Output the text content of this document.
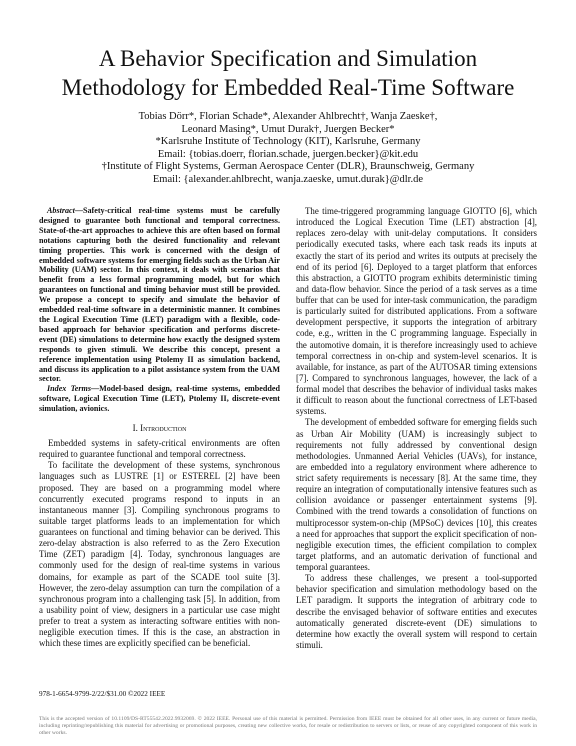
A Behavior Specification and Simulation
Methodology for Embedded Real-Time Software
Tobias Dörr*, Florian Schade*, Alexander Ahlbrecht†, Wanja Zaeske†,
Leonard Masing*, Umut Durak†, Juergen Becker*
*Karlsruhe Institute of Technology (KIT), Karlsruhe, Germany
Email: {tobias.doerr, florian.schade, juergen.becker}@kit.edu
†Institute of Flight Systems, German Aerospace Center (DLR), Braunschweig, Germany
Email: {alexander.ahlbrecht, wanja.zaeske, umut.durak}@dlr.de

Abstract—Safety-critical real-time systems must be carefully designed to guarantee both functional and temporal correctness. State-of-the-art approaches to achieve this are often based on formal notations capturing both the desired functionality and relevant timing properties. This work is concerned with the design of embedded software systems for emerging fields such as the Urban Air Mobility (UAM) sector. In this context, it deals with scenarios that benefit from a less formal programming model, but for which guarantees on functional and timing behavior must still be provided. We propose a concept to specify and simulate the behavior of embedded real-time software in a deterministic manner. It combines the Logical Execution Time (LET) paradigm with a flexible, code-based approach for behavior specification and performs discrete-event (DE) simulations to determine how exactly the designed system responds to given stimuli. We describe this concept, present a reference implementation using Ptolemy II as simulation backend, and discuss its application to a pilot assistance system from the UAM sector.

Index Terms—Model-based design, real-time systems, embedded software, Logical Execution Time (LET), Ptolemy II, discrete-event simulation, avionics.

I. Introduction

Embedded systems in safety-critical environments are often required to guarantee functional and temporal correctness.

To facilitate the development of these systems, synchronous languages such as LUSTRE [1] or ESTEREL [2] have been proposed. They are based on a programming model where concurrently executed programs respond to inputs in an instantaneous manner [3]. Compiling synchronous programs to suitable target platforms leads to an implementation for which guarantees on functional and timing behavior can be derived. This zero-delay abstraction is also referred to as the Zero Execution Time (ZET) paradigm [4]. Today, synchronous languages are commonly used for the design of real-time systems in various domains, for example as part of the SCADE tool suite [3]. However, the zero-delay assumption can turn the compilation of a synchronous program into a challenging task [5]. In addition, from a usability point of view, designers in a particular use case might prefer to treat a system as interacting software entities with non-negligible execution times. If this is the case, an abstraction in which these times are explicitly specified can be beneficial.

The time-triggered programming language GIOTTO [6], which introduced the Logical Execution Time (LET) abstraction [4], replaces zero-delay with unit-delay computations. It considers periodically executed tasks, where each task reads its inputs at exactly the start of its period and writes its outputs at precisely the end of its period [6]. Deployed to a target platform that enforces this abstraction, a GIOTTO program exhibits deterministic timing and data-flow behavior. Since the period of a task serves as a time buffer that can be used for inter-task communication, the paradigm is particularly suited for distributed applications. From a software development perspective, it supports the integration of arbitrary code, e.g., written in the C programming language. Especially in the automotive domain, it is therefore increasingly used to achieve temporal correctness in on-chip and system-level scenarios. It is available, for instance, as part of the AUTOSAR timing extensions [7]. Compared to synchronous languages, however, the lack of a formal model that describes the behavior of individual tasks makes it difficult to reason about the functional correctness of LET-based systems.

The development of embedded software for emerging fields such as Urban Air Mobility (UAM) is increasingly subject to requirements not fully addressed by conventional design methodologies. Unmanned Aerial Vehicles (UAVs), for instance, are embedded into a regulatory environment where adherence to strict safety requirements is necessary [8]. At the same time, they require an integration of computationally intensive features such as collision avoidance or passenger entertainment systems [9]. Combined with the trend towards a consolidation of functions on multiprocessor system-on-chip (MPSoC) devices [10], this creates a need for approaches that support the explicit specification of non-negligible execution times, the efficient compilation to complex target platforms, and an automatic derivation of functional and temporal guarantees.

To address these challenges, we present a tool-supported behavior specification and simulation methodology based on the LET paradigm. It supports the integration of arbitrary code to describe the envisaged behavior of software entities and executes automatically generated discrete-event (DE) simulations to determine how exactly the overall system will respond to certain stimuli.

978-1-6654-9799-2/22/$31.00 ©2022 IEEE
This is the accepted version of 10.1109/DS-RT55542.2022.9932069. © 2022 IEEE. Personal use of this material is permitted. Permission from IEEE must be obtained for all other uses, in any current or future media, including reprinting/republishing this material for advertising or promotional purposes, creating new collective works, for resale or redistribution to servers or lists, or reuse of any copyrighted component of this work in other works.
